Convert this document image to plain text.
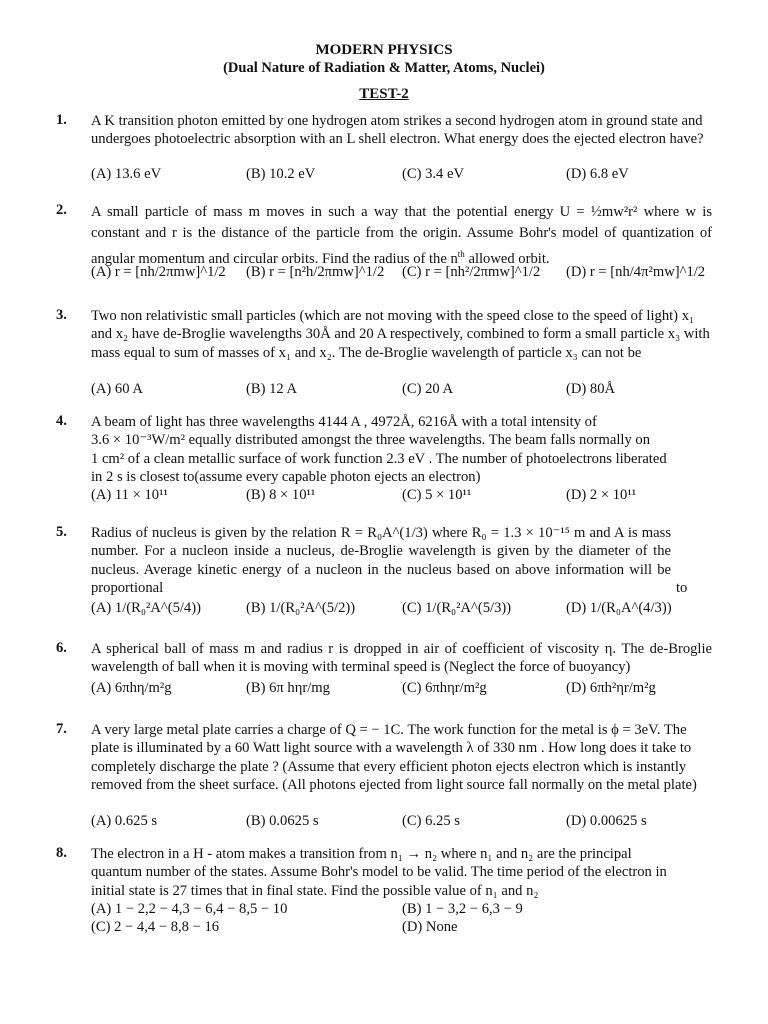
MODERN PHYSICS
(Dual Nature of Radiation & Matter, Atoms, Nuclei)
TEST-2
1.	A K transition photon emitted by one hydrogen atom strikes a second hydrogen atom in ground state and undergoes photoelectric absorption with an L shell electron. What energy does the ejected electron have?
(A) 13.6 eV	(B) 10.2 eV	(C) 3.4 eV	(D) 6.8 eV
2.	A small particle of mass m moves in such a way that the potential energy U = ½mw²r² where w is constant and r is the distance of the particle from the origin. Assume Bohr's model of quantization of angular momentum and circular orbits. Find the radius of the $n^{th}$ allowed orbit.
(A) r = [nh/2πmw]^1/2 (B) r = [n²h/2πmw]^1/2 (C) r = [nh²/2πmw]^1/2 (D) r = [nh/4π²mw]^1/2
3.	Two non relativistic small particles (which are not moving with the speed close to the speed of light) x₁ and x₂ have de-Broglie wavelengths 30Å and 20 A respectively, combined to form a small particle x₃ with mass equal to sum of masses of x₁ and x₂. The de-Broglie wavelength of particle x₃ can not be
(A) 60 A	(B) 12 A	(C) 20 A	(D) 80Å
4.	A beam of light has three wavelengths 4144 A , 4972Å, 6216Å with a total intensity of
3.6 × 10⁻³W/m² equally distributed amongst the three wavelengths. The beam falls normally on
1 cm² of a clean metallic surface of work function 2.3 eV . The number of photoelectrons liberated
in 2 s is closest to(assume every capable photon ejects an electron)
(A) 11 × 10¹¹	(B) 8 × 10¹¹	(C) 5 × 10¹¹	(D) 2 × 10¹¹
5.	Radius of nucleus is given by the relation R = R₀A^(1/3) where R₀ = 1.3 × 10⁻¹⁵ m and A is mass number. For a nucleon inside a nucleus, de-Broglie wavelength is given by the diameter of the nucleus. Average kinetic energy of a nucleon in the nucleus based on above information will be proportional	to
(A) 1/(R₀²A^(5/4))	(B) 1/(R₀²A^(5/2))	(C) 1/(R₀²A^(5/3))	(D) 1/(R₀A^(4/3))
6.	A spherical ball of mass m and radius r is dropped in air of coefficient of viscosity η. The de-Broglie wavelength of ball when it is moving with terminal speed is (Neglect the force of buoyancy)
(A) 6πhη/m²g	(B) 6π hηr/mg	(C) 6πhηr/m²g	(D) 6πh²ηr/m²g
7.	A very large metal plate carries a charge of Q = − 1C. The work function for the metal is ϕ = 3eV. The plate is illuminated by a 60 Watt light source with a wavelength λ of 330 nm . How long does it take to completely discharge the plate ? (Assume that every efficient photon ejects electron which is instantly removed from the sheet surface. (All photons ejected from light source fall normally on the metal plate)
(A) 0.625 s	(B) 0.0625 s	(C) 6.25 s	(D) 0.00625 s
8.	The electron in a H - atom makes a transition from n₁ → n₂ where n₁ and n₂ are the principal
quantum number of the states. Assume Bohr's model to be valid. The time period of the electron in
initial state is 27 times that in final state. Find the possible value of n₁ and n₂
(A) 1 − 2,2 − 4,3 − 6,4 − 8,5 − 10	(B) 1 − 3,2 − 6,3 − 9
(C) 2 − 4,4 − 8,8 − 16	(D) None
